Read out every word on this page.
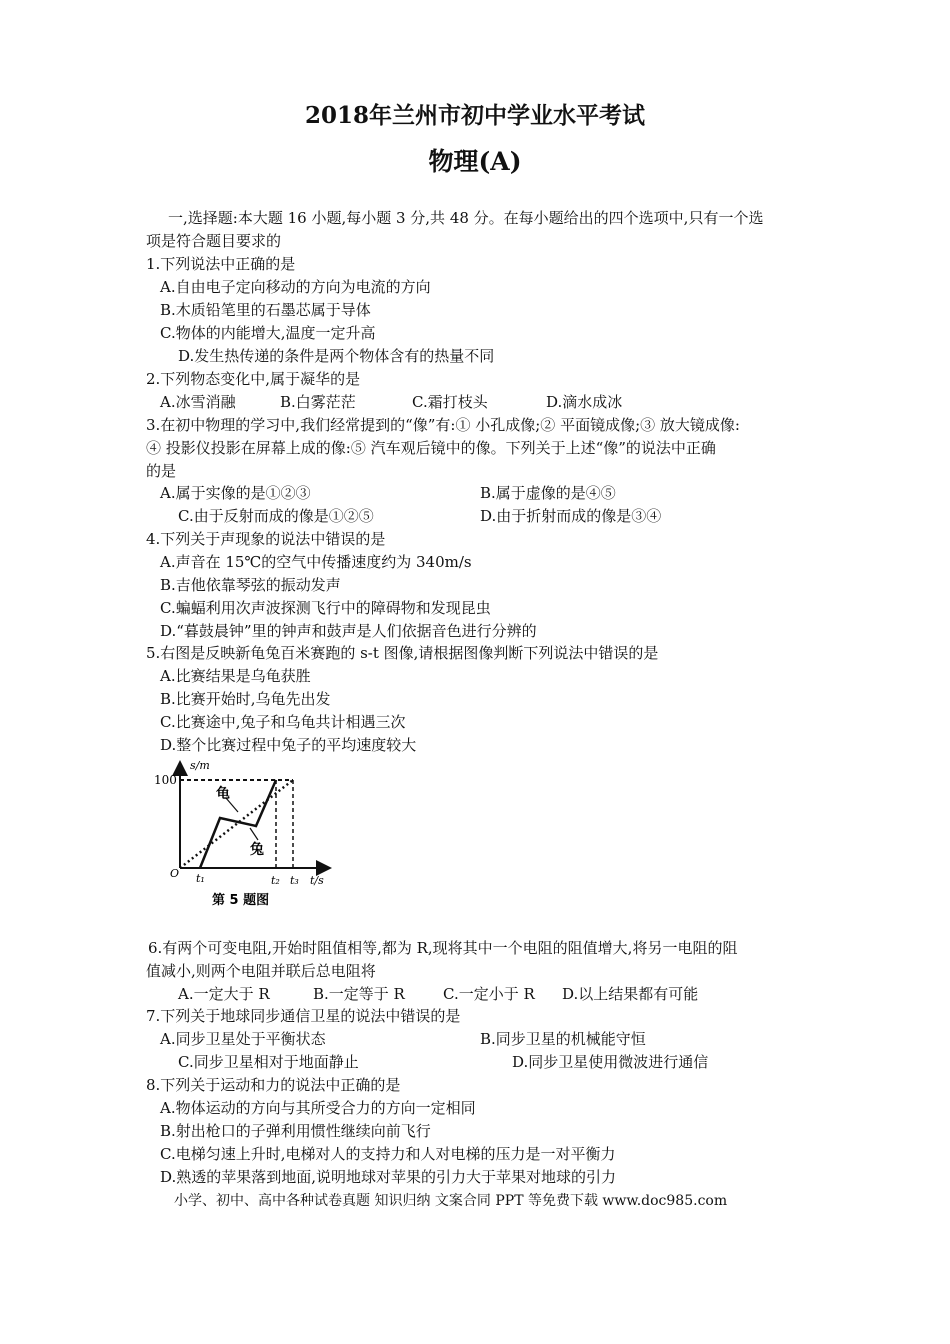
2018年兰州市初中学业水平考试
物理(A)
一,选择题:本大题 16 小题,每小题 3 分,共 48 分。在每小题给出的四个选项中,只有一个选
项是符合题目要求的
1.下列说法中正确的是
A.自由电子定向移动的方向为电流的方向
B.木质铅笔里的石墨芯属于导体
C.物体的内能增大,温度一定升高
D.发生热传递的条件是两个物体含有的热量不同
2.下列物态变化中,属于凝华的是
A.冰雪消融	B.白雾茫茫	C.霜打枝头	D.滴水成冰
3.在初中物理的学习中,我们经常提到的“像”有:① 小孔成像;② 平面镜成像;③ 放大镜成像:
④ 投影仪投影在屏幕上成的像:⑤ 汽车观后镜中的像。下列关于上述“像”的说法中正确
的是
A.属于实像的是①②③	B.属于虚像的是④⑤
C.由于反射而成的像是①②⑤	D.由于折射而成的像是③④
4.下列关于声现象的说法中错误的是
A.声音在 15℃的空气中传播速度约为 340m/s
B.吉他依靠琴弦的振动发声
C.蝙蝠利用次声波探测飞行中的障碍物和发现昆虫
D.“暮鼓晨钟”里的钟声和鼓声是人们依据音色进行分辨的
5.右图是反映新龟兔百米赛跑的 s-t 图像,请根据图像判断下列说法中错误的是
A.比赛结果是乌龟获胜
B.比赛开始时,乌龟先出发
C.比赛途中,兔子和乌龟共计相遇三次
D.整个比赛过程中兔子的平均速度较大
s/m
100
O t₁	t₂ t₃ t/s
龟
兔
第 5 题图
6.有两个可变电阻,开始时阻值相等,都为 R,现将其中一个电阻的阻值增大,将另一电阻的阻
值减小,则两个电阻并联后总电阻将
A.一定大于 R	B.一定等于 R	C.一定小于 R D.以上结果都有可能
7.下列关于地球同步通信卫星的说法中错误的是
A.同步卫星处于平衡状态	B.同步卫星的机械能守恒
C.同步卫星相对于地面静止	D.同步卫星使用微波进行通信
8.下列关于运动和力的说法中正确的是
A.物体运动的方向与其所受合力的方向一定相同
B.射出枪口的子弹利用惯性继续向前飞行
C.电梯匀速上升时,电梯对人的支持力和人对电梯的压力是一对平衡力
D.熟透的苹果落到地面,说明地球对苹果的引力大于苹果对地球的引力
小学、初中、高中各种试卷真题 知识归纳 文案合同 PPT 等免费下载 www.doc985.com
